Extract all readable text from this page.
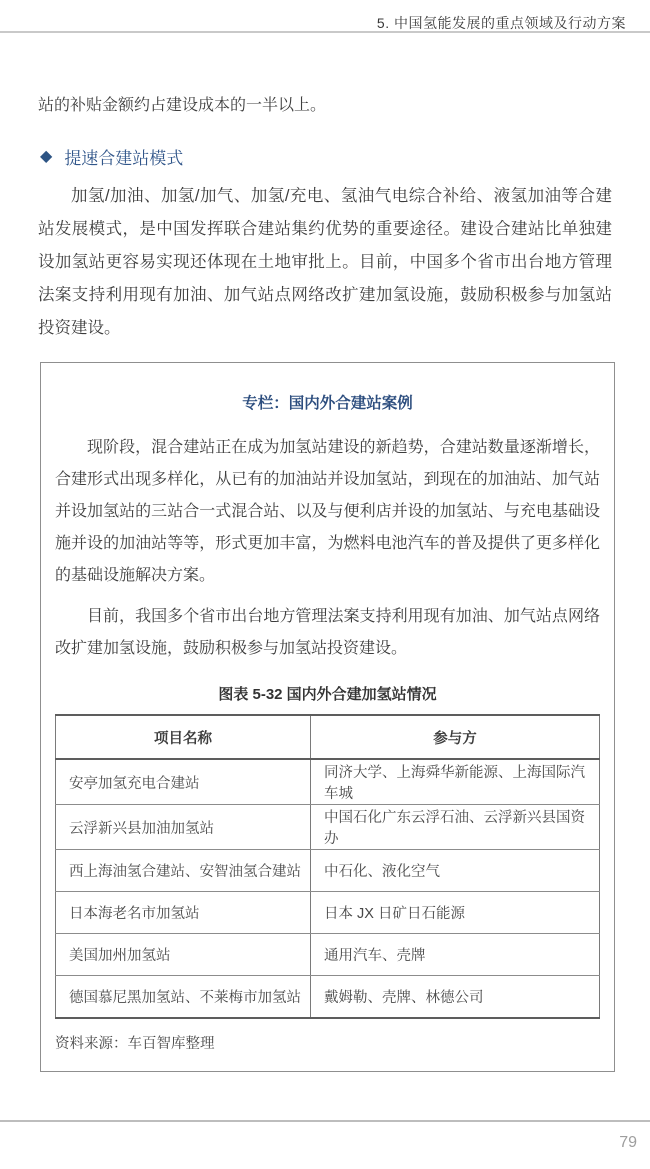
5. 中国氢能发展的重点领域及行动方案

站的补贴金额约占建设成本的一半以上。

◆ 提速合建站模式

加氢/加油、加氢/加气、加氢/充电、氢油气电综合补给、液氢加油等合建站发展模式，是中国发挥联合建站集约优势的重要途径。建设合建站比单独建设加氢站更容易实现还体现在土地审批上。目前，中国多个省市出台地方管理法案支持利用现有加油、加气站点网络改扩建加氢设施，鼓励积极参与加氢站投资建设。

专栏：国内外合建站案例

现阶段，混合建站正在成为加氢站建设的新趋势，合建站数量逐渐增长，合建形式出现多样化，从已有的加油站并设加氢站，到现在的加油站、加气站并设加氢站的三站合一式混合站、以及与便利店并设的加氢站、与充电基础设施并设的加油站等等，形式更加丰富，为燃料电池汽车的普及提供了更多样化的基础设施解决方案。

目前，我国多个省市出台地方管理法案支持利用现有加油、加气站点网络改扩建加氢设施，鼓励积极参与加氢站投资建设。

图表 5-32 国内外合建加氢站情况
项目名称	参与方
安亭加氢充电合建站	同济大学、上海舜华新能源、上海国际汽车城
云浮新兴县加油加氢站	中国石化广东云浮石油、云浮新兴县国资办
西上海油氢合建站、安智油氢合建站	中石化、液化空气
日本海老名市加氢站	日本 JX 日矿日石能源
美国加州加氢站	通用汽车、壳牌
德国慕尼黑加氢站、不莱梅市加氢站	戴姆勒、壳牌、林德公司
资料来源：车百智库整理
79
